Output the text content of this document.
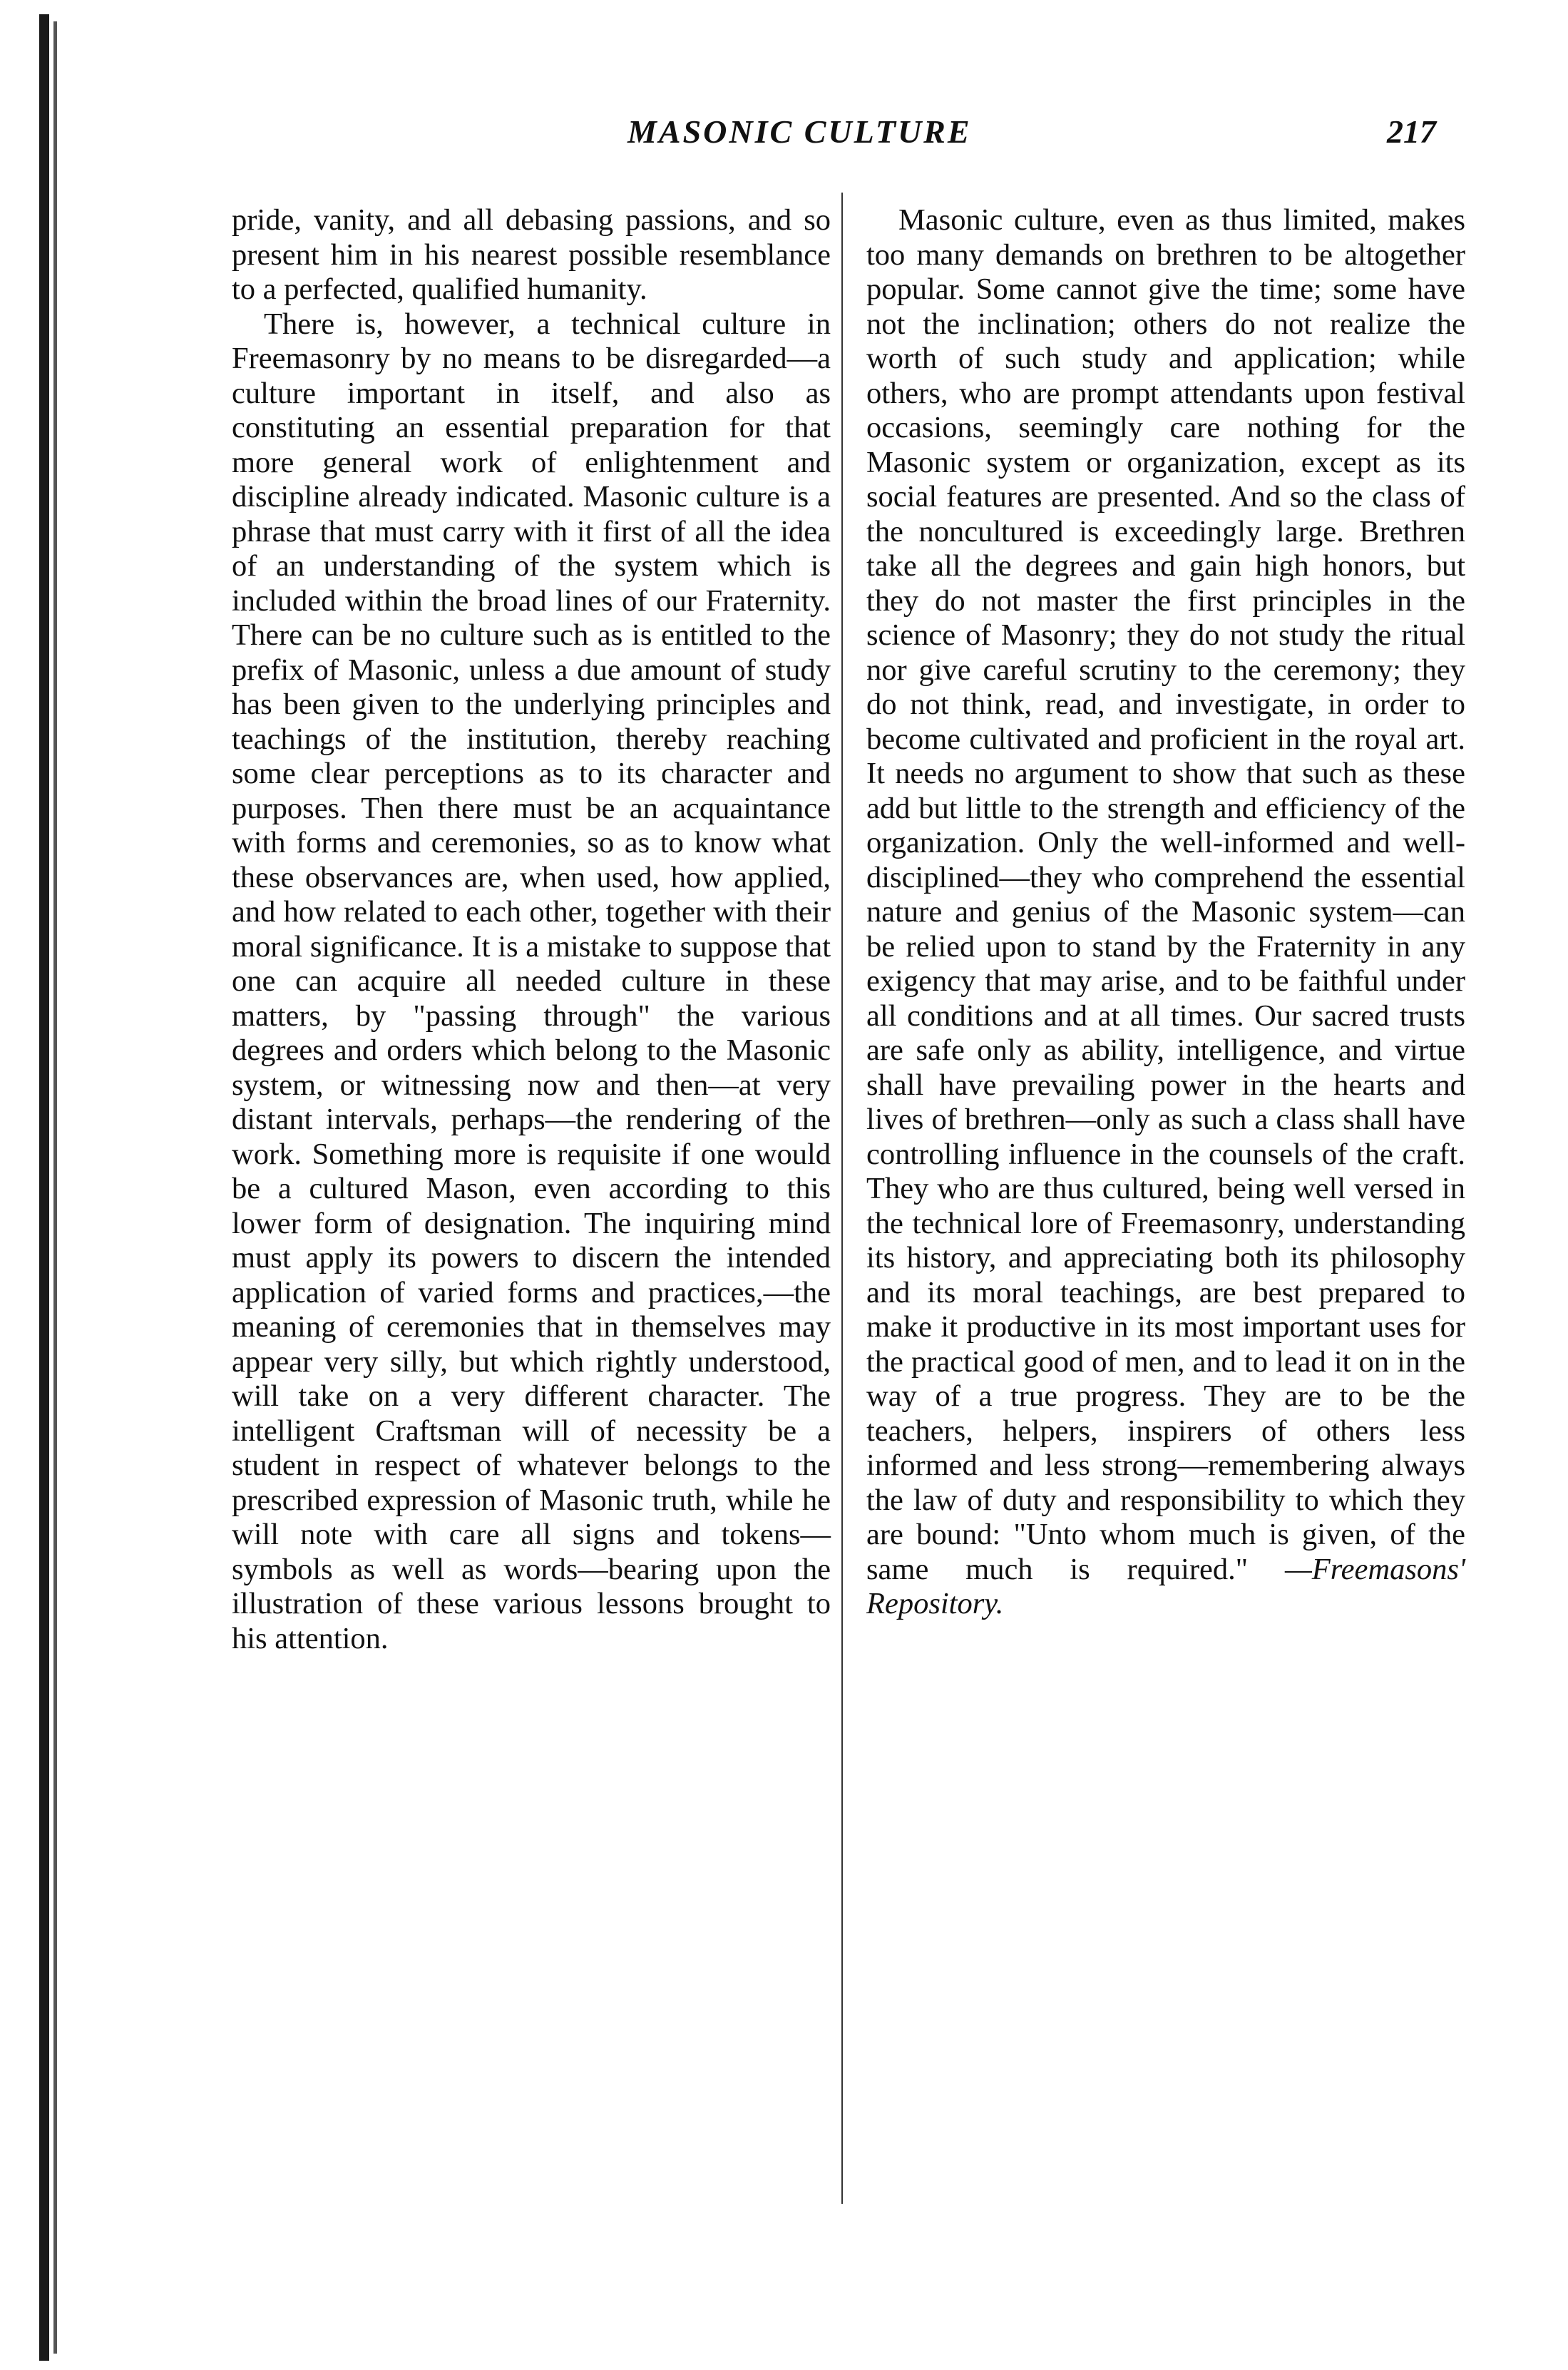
MASONIC CULTURE	217

pride, vanity, and all debasing passions, and so present him in his nearest possible resemblance to a perfected, qualified humanity.

There is, however, a technical culture in Freemasonry by no means to be disregarded—a culture important in itself, and also as constituting an essential preparation for that more general work of enlightenment and discipline already indicated. Masonic culture is a phrase that must carry with it first of all the idea of an understanding of the system which is included within the broad lines of our Fraternity. There can be no culture such as is entitled to the prefix of Masonic, unless a due amount of study has been given to the underlying principles and teachings of the institution, thereby reaching some clear perceptions as to its character and purposes. Then there must be an acquaintance with forms and ceremonies, so as to know what these observances are, when used, how applied, and how related to each other, together with their moral significance. It is a mistake to suppose that one can acquire all needed culture in these matters, by "passing through" the various degrees and orders which belong to the Masonic system, or witnessing now and then—at very distant intervals, perhaps—the rendering of the work. Something more is requisite if one would be a cultured Mason, even according to this lower form of designation. The inquiring mind must apply its powers to discern the intended application of varied forms and practices,—the meaning of ceremonies that in themselves may appear very silly, but which rightly understood, will take on a very different character. The intelligent Craftsman will of necessity be a student in respect of whatever belongs to the prescribed expression of Masonic truth, while he will note with care all signs and tokens—symbols as well as words—bearing upon the illustration of these various lessons brought to his attention.

Masonic culture, even as thus limited, makes too many demands on brethren to be altogether popular. Some cannot give the time; some have not the inclination; others do not realize the worth of such study and application; while others, who are prompt attendants upon festival occasions, seemingly care nothing for the Masonic system or organization, except as its social features are presented. And so the class of the noncultured is exceedingly large. Brethren take all the degrees and gain high honors, but they do not master the first principles in the science of Masonry; they do not study the ritual nor give careful scrutiny to the ceremony; they do not think, read, and investigate, in order to become cultivated and proficient in the royal art. It needs no argument to show that such as these add but little to the strength and efficiency of the organization. Only the well-informed and well-disciplined—they who comprehend the essential nature and genius of the Masonic system—can be relied upon to stand by the Fraternity in any exigency that may arise, and to be faithful under all conditions and at all times. Our sacred trusts are safe only as ability, intelligence, and virtue shall have prevailing power in the hearts and lives of brethren—only as such a class shall have controlling influence in the counsels of the craft. They who are thus cultured, being well versed in the technical lore of Freemasonry, understanding its history, and appreciating both its philosophy and its moral teachings, are best prepared to make it productive in its most important uses for the practical good of men, and to lead it on in the way of a true progress. They are to be the teachers, helpers, inspirers of others less informed and less strong—remembering always the law of duty and responsibility to which they are bound: "Unto whom much is given, of the same much is required." —Freemasons' Repository.
